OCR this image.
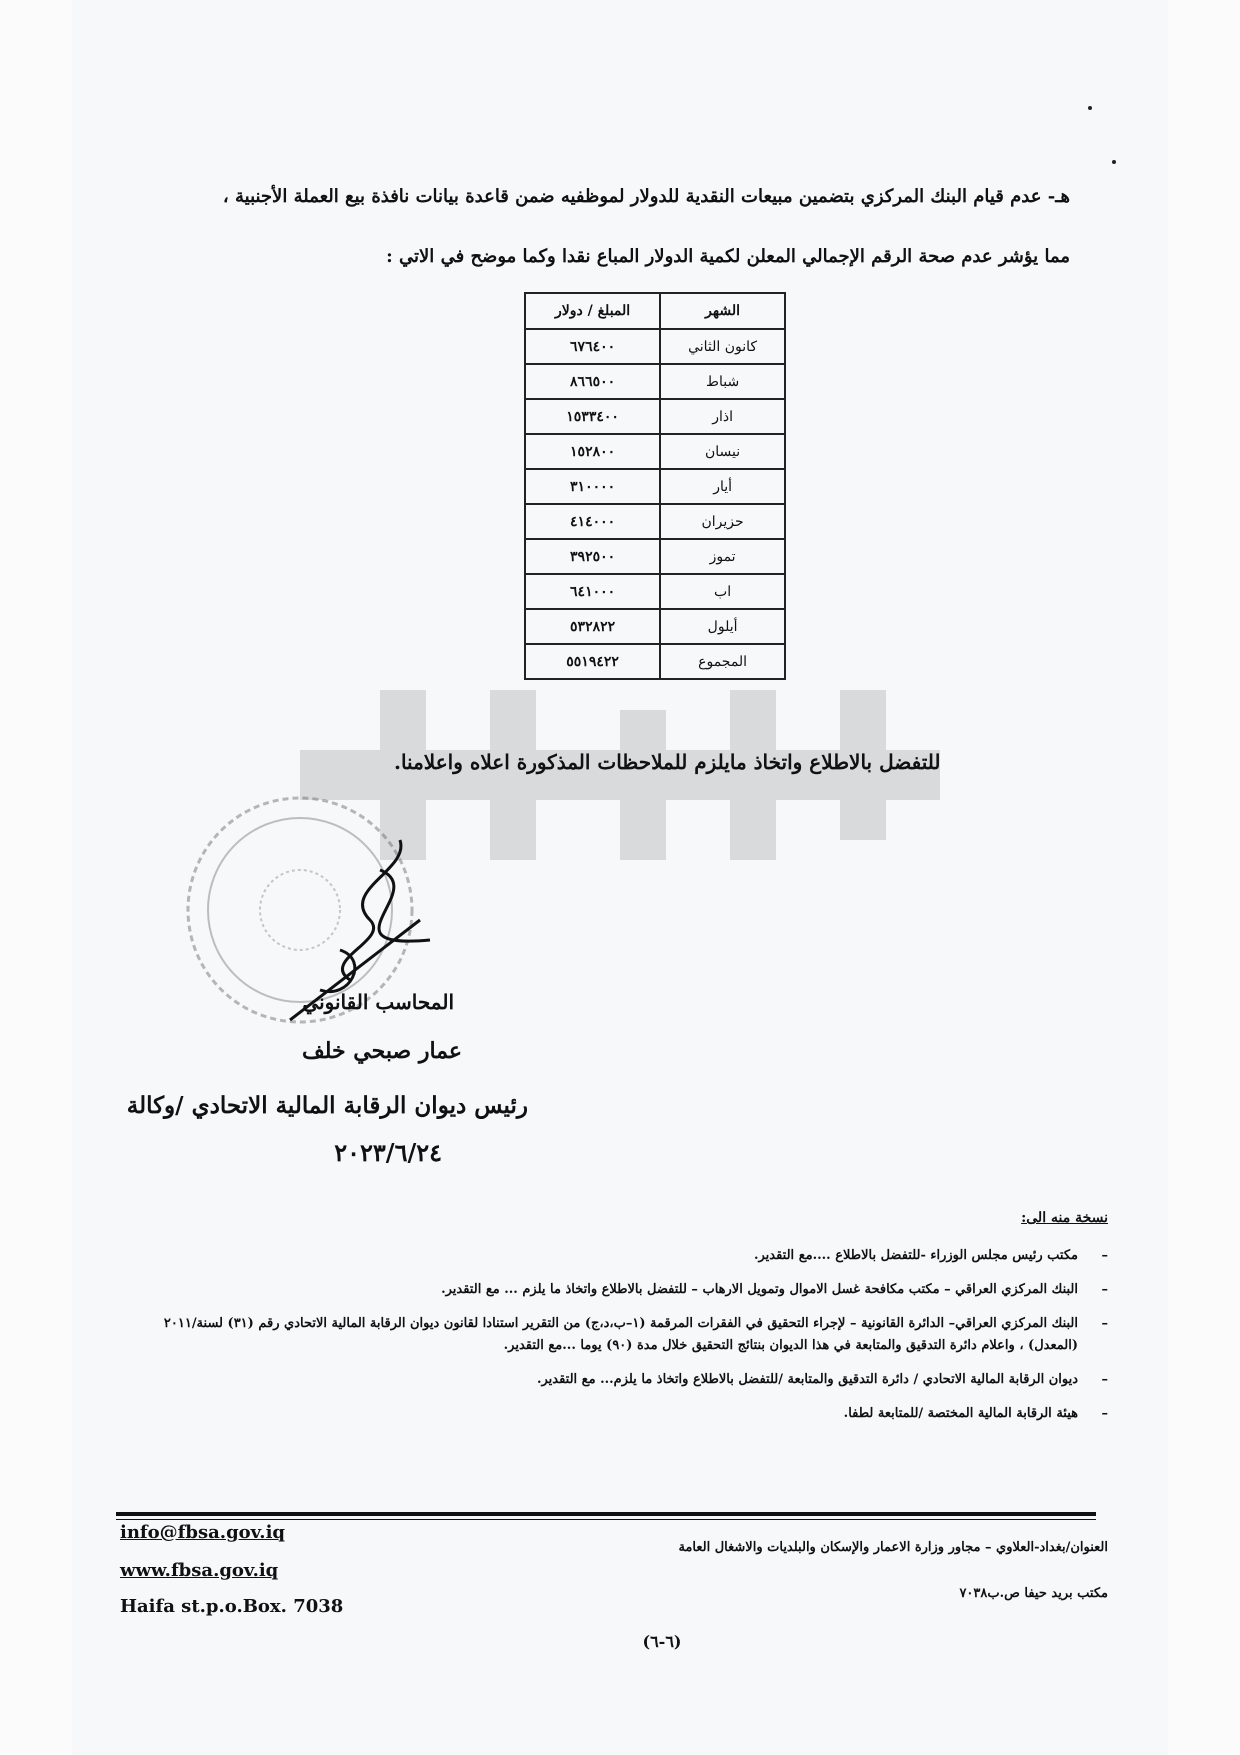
هـ- عدم قيام البنك المركزي بتضمين مبيعات النقدية للدولار لموظفيه ضمن قاعدة بيانات نافذة بيع العملة الأجنبية ،
مما يؤشر عدم صحة الرقم الإجمالي المعلن لكمية الدولار المباع نقدا وكما موضح في الاتي :
الشهر	المبلغ / دولار
كانون الثاني	٦٧٦٤٠٠
شباط	٨٦٦٥٠٠
اذار	١٥٣٣٤٠٠
نيسان	١٥٢٨٠٠
أيار	٣١٠٠٠٠
حزيران	٤١٤٠٠٠
تموز	٣٩٢٥٠٠
اب	٦٤١٠٠٠
أيلول	٥٣٢٨٢٢
المجموع	٥٥١٩٤٢٢
للتفضل بالاطلاع واتخاذ مايلزم للملاحظات المذكورة اعلاه واعلامنا.
المحاسب القانوني
عمار صبحي خلف
رئيس ديوان الرقابة المالية الاتحادي /وكالة
٢٠٢٣/٦/٢٤
نسخة منه الى:
–
مكتب رئيس مجلس الوزراء -للتفضل بالاطلاع ....مع التقدير.
–
البنك المركزي العراقي – مكتب مكافحة غسل الاموال وتمويل الارهاب – للتفضل بالاطلاع واتخاذ ما يلزم ... مع التقدير.
–
البنك المركزي العراقي– الدائرة القانونية – لإجراء التحقيق في الفقرات المرقمة (١–ب،د،ج) من التقرير استنادا لقانون ديوان الرقابة المالية الاتحادي رقم (٣١) لسنة/٢٠١١ (المعدل) ، واعلام دائرة التدقيق والمتابعة في هذا الديوان بنتائج التحقيق خلال مدة (٩٠) يوما ...مع التقدير.
–
ديوان الرقابة المالية الاتحادي / دائرة التدقيق والمتابعة /للتفضل بالاطلاع واتخاذ ما يلزم... مع التقدير.
–
هيئة الرقابة المالية المختصة /للمتابعة لطفا.
info@fbsa.gov.iq
www.fbsa.gov.iq
Haifa st.p.o.Box. 7038
العنوان/بغداد-العلاوي – مجاور وزارة الاعمار والإسكان والبلديات والاشغال العامة
مكتب بريد حيفا ص.ب٧٠٣٨
(٦-٦)
